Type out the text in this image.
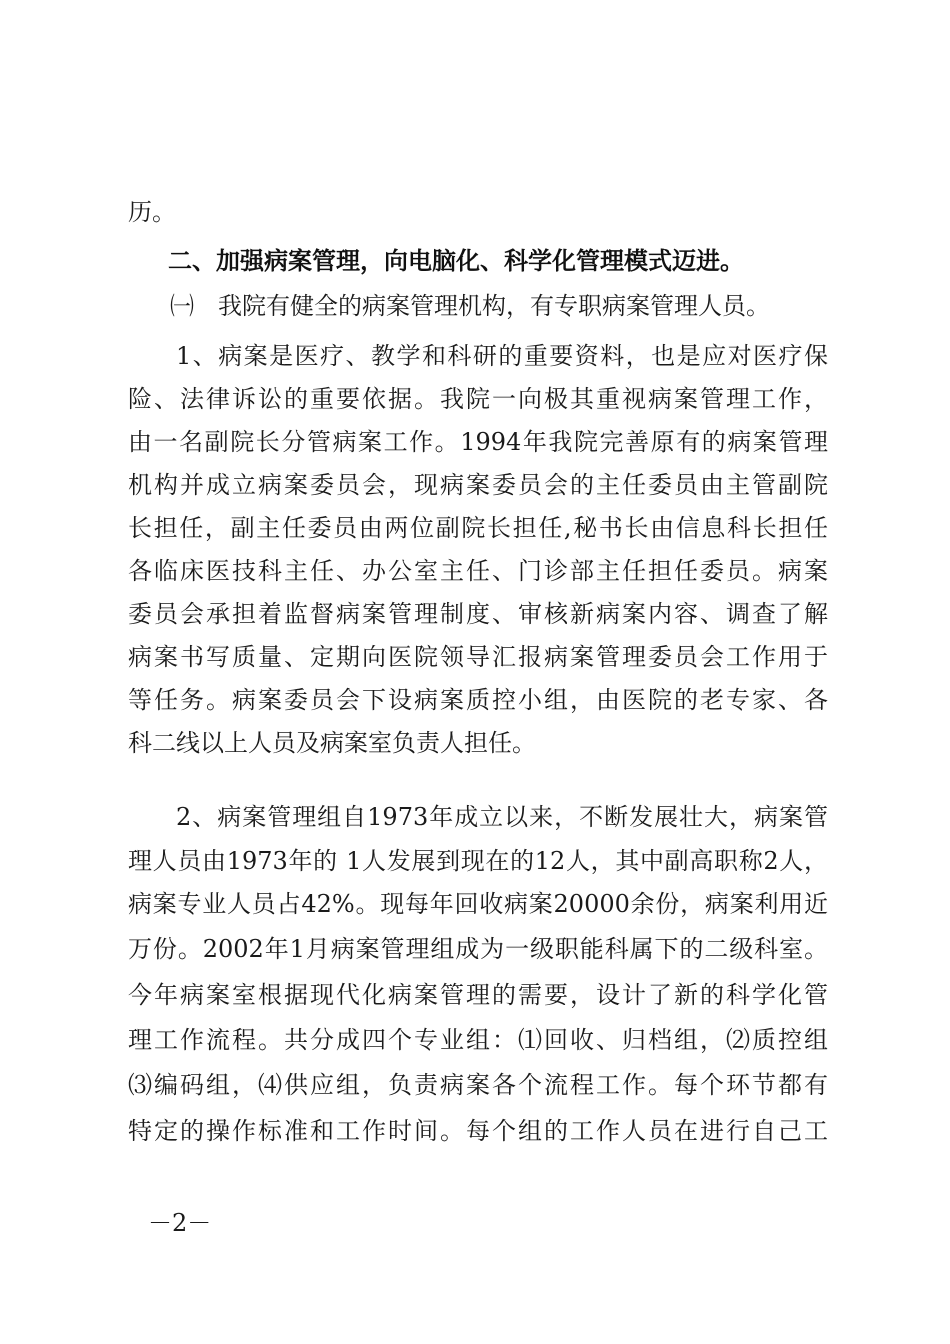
历。
二、加强病案管理，向电脑化、科学化管理模式迈进。
㈠　我院有健全的病案管理机构，有专职病案管理人员。
1、病案是医疗、教学和科研的重要资料，也是应对医疗保
险、法律诉讼的重要依据。我院一向极其重视病案管理工作，
由一名副院长分管病案工作。1994年我院完善原有的病案管理
机构并成立病案委员会，现病案委员会的主任委员由主管副院
长担任，副主任委员由两位副院长担任,秘书长由信息科长担任
各临床医技科主任、办公室主任、门诊部主任担任委员。病案
委员会承担着监督病案管理制度、审核新病案内容、调查了解
病案书写质量、定期向医院领导汇报病案管理委员会工作用于
等任务。病案委员会下设病案质控小组，由医院的老专家、各
科二线以上人员及病案室负责人担任。
2、病案管理组自1973年成立以来，不断发展壮大，病案管
理人员由1973年的 1人发展到现在的12人，其中副高职称2人，
病案专业人员占42%。现每年回收病案20000余份，病案利用近
万份。2002年1月病案管理组成为一级职能科属下的二级科室。
今年病案室根据现代化病案管理的需要，设计了新的科学化管
理工作流程。共分成四个专业组：⑴回收、归档组，⑵质控组
⑶编码组，⑷供应组，负责病案各个流程工作。每个环节都有
特定的操作标准和工作时间。每个组的工作人员在进行自己工
－2－
